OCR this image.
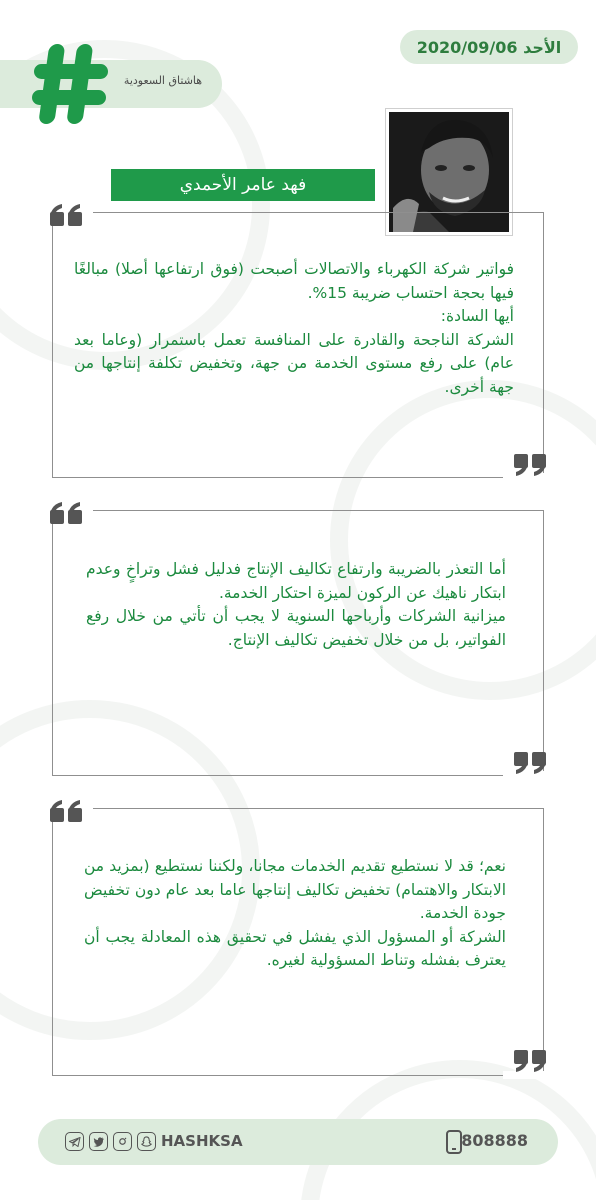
الأحد 2020/09/06
هاشتاق السعودية
فهد عامر الأحمدي

فواتير شركة الكهرباء والاتصالات أصبحت (فوق ارتفاعها أصلا) مبالغًا فيها بحجة احتساب ضريبة 15%.

أيها السادة:

الشركة الناجحة والقادرة على المنافسة تعمل باستمرار (وعاما بعد عام) على رفع مستوى الخدمة من جهة، وتخفيض تكلفة إنتاجها من جهة أخرى.

أما التعذر بالضريبة وارتفاع تكاليف الإنتاج فدليل فشل وتراخٍ وعدم ابتكار ناهيك عن الركون لميزة احتكار الخدمة.

ميزانية الشركات وأرباحها السنوية لا يجب أن تأتي من خلال رفع الفواتير، بل من خلال تخفيض تكاليف الإنتاج.

نعم؛ قد لا نستطيع تقديم الخدمات مجانا، ولكننا نستطيع (بمزيد من الابتكار والاهتمام) تخفيض تكاليف إنتاجها عاما بعد عام دون تخفيض جودة الخدمة.

الشركة أو المسؤول الذي يفشل في تحقيق هذه المعادلة يجب أن يعترف بفشله وتناط المسؤولية لغيره.

808888
HASHKSA
